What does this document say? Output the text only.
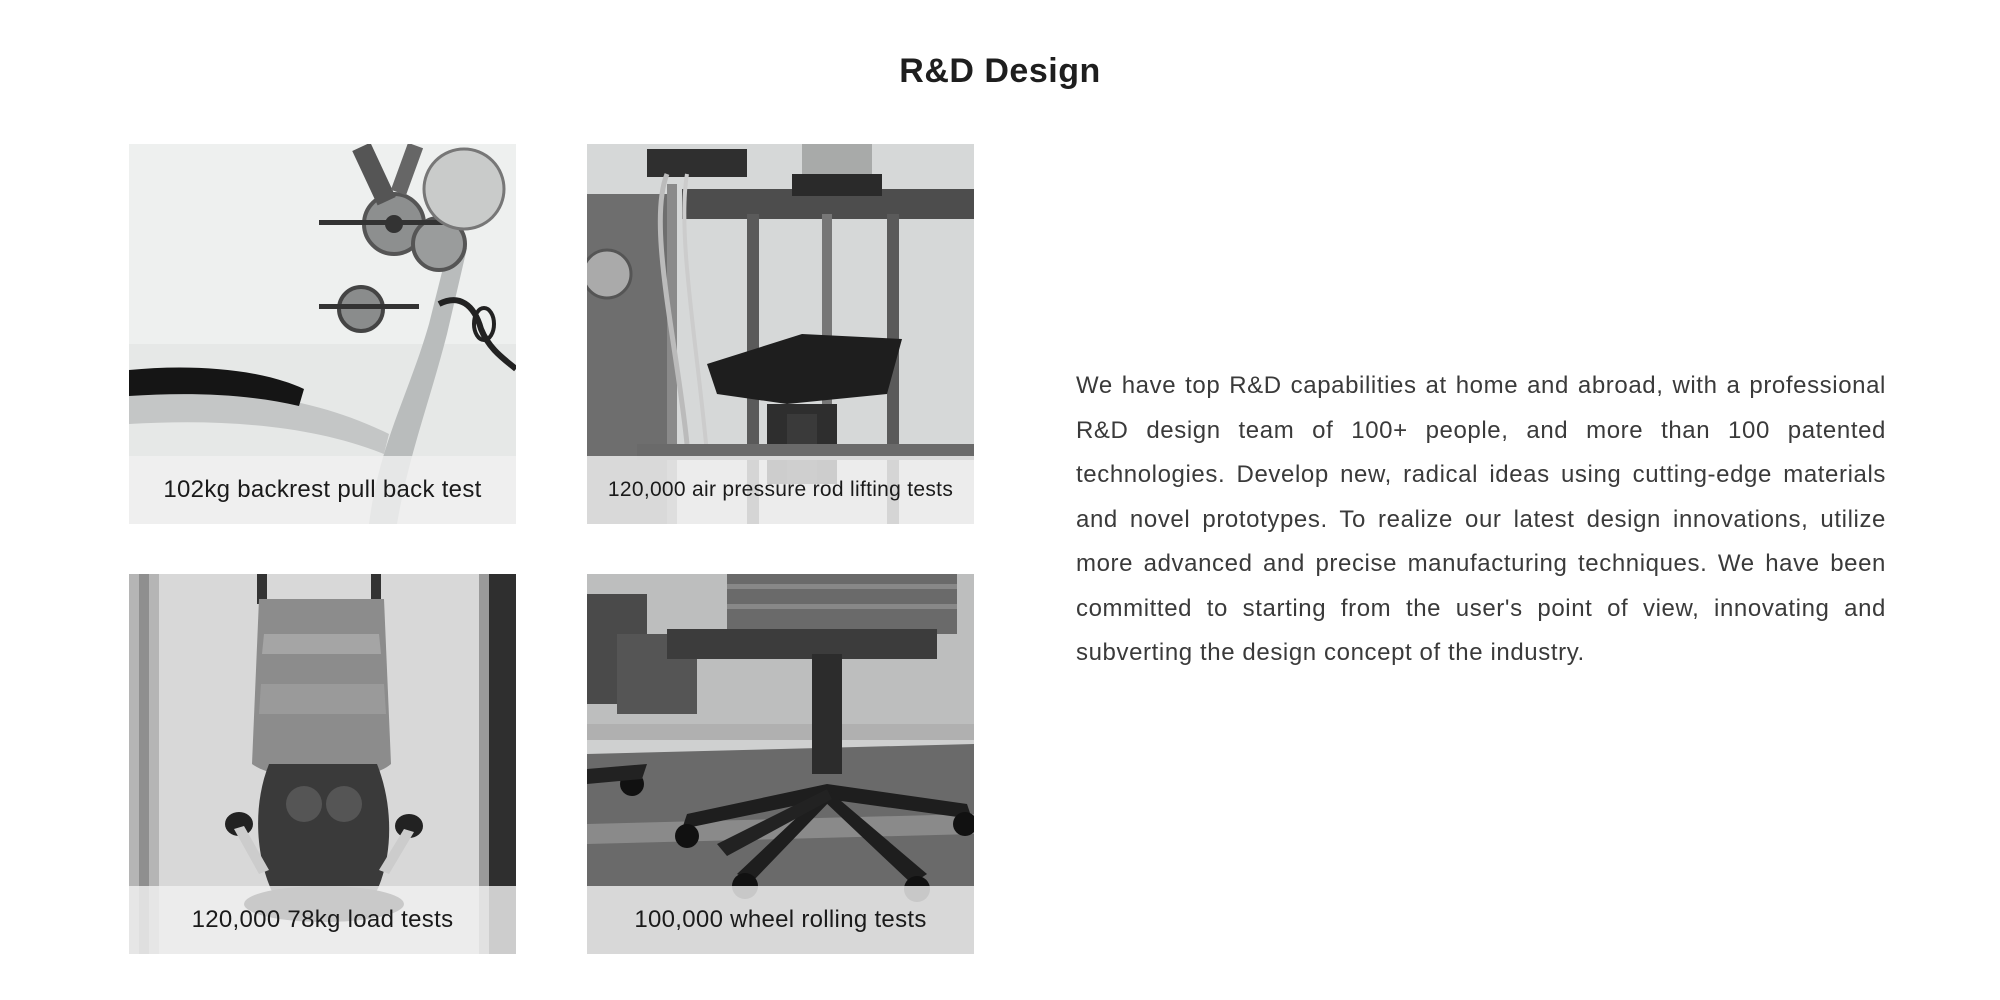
R&D Design
102kg backrest pull back test	120,000 air pressure rod lifting tests
120,000 78kg load tests	100,000 wheel rolling tests

We have top R&D capabilities at home and abroad, with a professional R&D design team of 100+ people, and more than 100 patented technologies. Develop new, radical ideas using cutting-edge materials and novel prototypes. To realize our latest design innovations, utilize more advanced and precise manufacturing techniques. We have been committed to starting from the user's point of view, innovating and subverting the design concept of the industry.
